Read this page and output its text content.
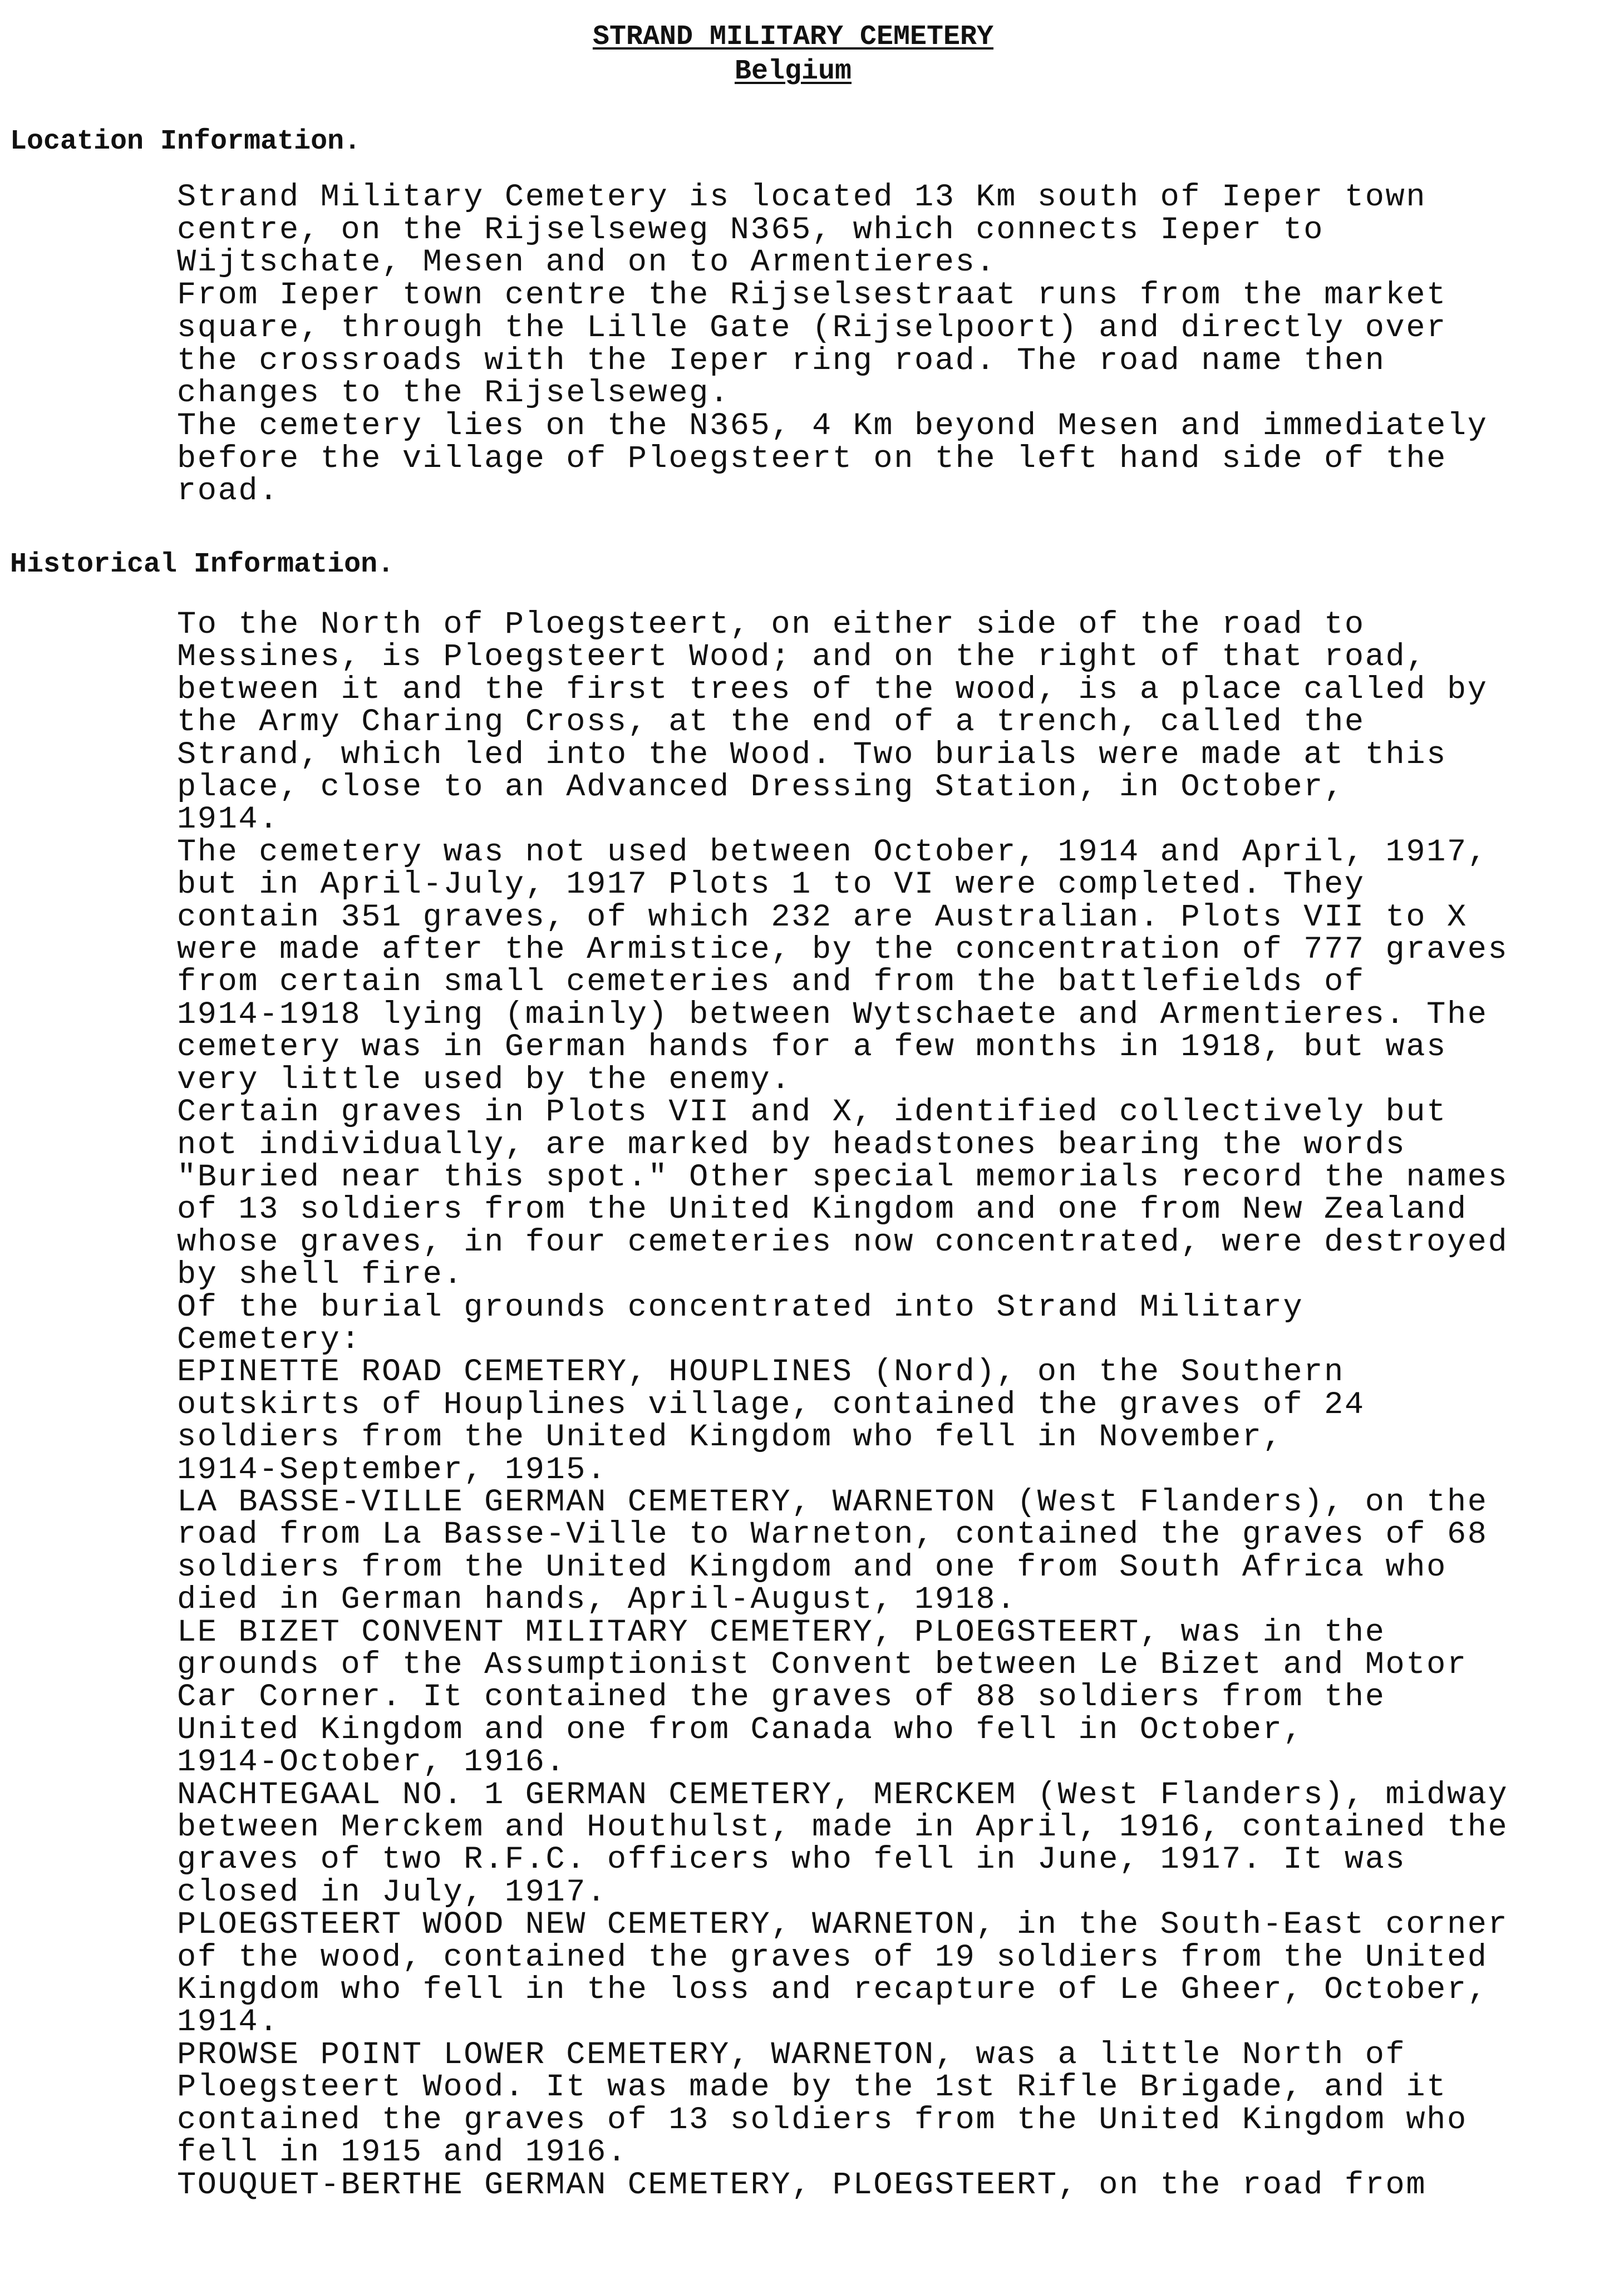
STRAND MILITARY CEMETERY
Belgium
Location Information.
Strand Military Cemetery is located 13 Km south of Ieper town
centre, on the Rijselseweg N365, which connects Ieper to
Wijtschate, Mesen and on to Armentieres.
From Ieper town centre the Rijselsestraat runs from the market
square, through the Lille Gate (Rijselpoort) and directly over
the crossroads with the Ieper ring road. The road name then
changes to the Rijselseweg.
The cemetery lies on the N365, 4 Km beyond Mesen and immediately
before the village of Ploegsteert on the left hand side of the
road.
Historical Information.
To the North of Ploegsteert, on either side of the road to
Messines, is Ploegsteert Wood; and on the right of that road,
between it and the first trees of the wood, is a place called by
the Army Charing Cross, at the end of a trench, called the
Strand, which led into the Wood. Two burials were made at this
place, close to an Advanced Dressing Station, in October,
1914.
The cemetery was not used between October, 1914 and April, 1917,
but in April-July, 1917 Plots 1 to VI were completed. They
contain 351 graves, of which 232 are Australian. Plots VII to X
were made after the Armistice, by the concentration of 777 graves
from certain small cemeteries and from the battlefields of
1914-1918 lying (mainly) between Wytschaete and Armentieres. The
cemetery was in German hands for a few months in 1918, but was
very little used by the enemy.
Certain graves in Plots VII and X, identified collectively but
not individually, are marked by headstones bearing the words
"Buried near this spot." Other special memorials record the names
of 13 soldiers from the United Kingdom and one from New Zealand
whose graves, in four cemeteries now concentrated, were destroyed
by shell fire.
Of the burial grounds concentrated into Strand Military
Cemetery:
EPINETTE ROAD CEMETERY, HOUPLINES (Nord), on the Southern
outskirts of Houplines village, contained the graves of 24
soldiers from the United Kingdom who fell in November,
1914-September, 1915.
LA BASSE-VILLE GERMAN CEMETERY, WARNETON (West Flanders), on the
road from La Basse-Ville to Warneton, contained the graves of 68
soldiers from the United Kingdom and one from South Africa who
died in German hands, April-August, 1918.
LE BIZET CONVENT MILITARY CEMETERY, PLOEGSTEERT, was in the
grounds of the Assumptionist Convent between Le Bizet and Motor
Car Corner. It contained the graves of 88 soldiers from the
United Kingdom and one from Canada who fell in October,
1914-October, 1916.
NACHTEGAAL NO. 1 GERMAN CEMETERY, MERCKEM (West Flanders), midway
between Merckem and Houthulst, made in April, 1916, contained the
graves of two R.F.C. officers who fell in June, 1917. It was
closed in July, 1917.
PLOEGSTEERT WOOD NEW CEMETERY, WARNETON, in the South-East corner
of the wood, contained the graves of 19 soldiers from the United
Kingdom who fell in the loss and recapture of Le Gheer, October,
1914.
PROWSE POINT LOWER CEMETERY, WARNETON, was a little North of
Ploegsteert Wood. It was made by the 1st Rifle Brigade, and it
contained the graves of 13 soldiers from the United Kingdom who
fell in 1915 and 1916.
TOUQUET-BERTHE GERMAN CEMETERY, PLOEGSTEERT, on the road from
